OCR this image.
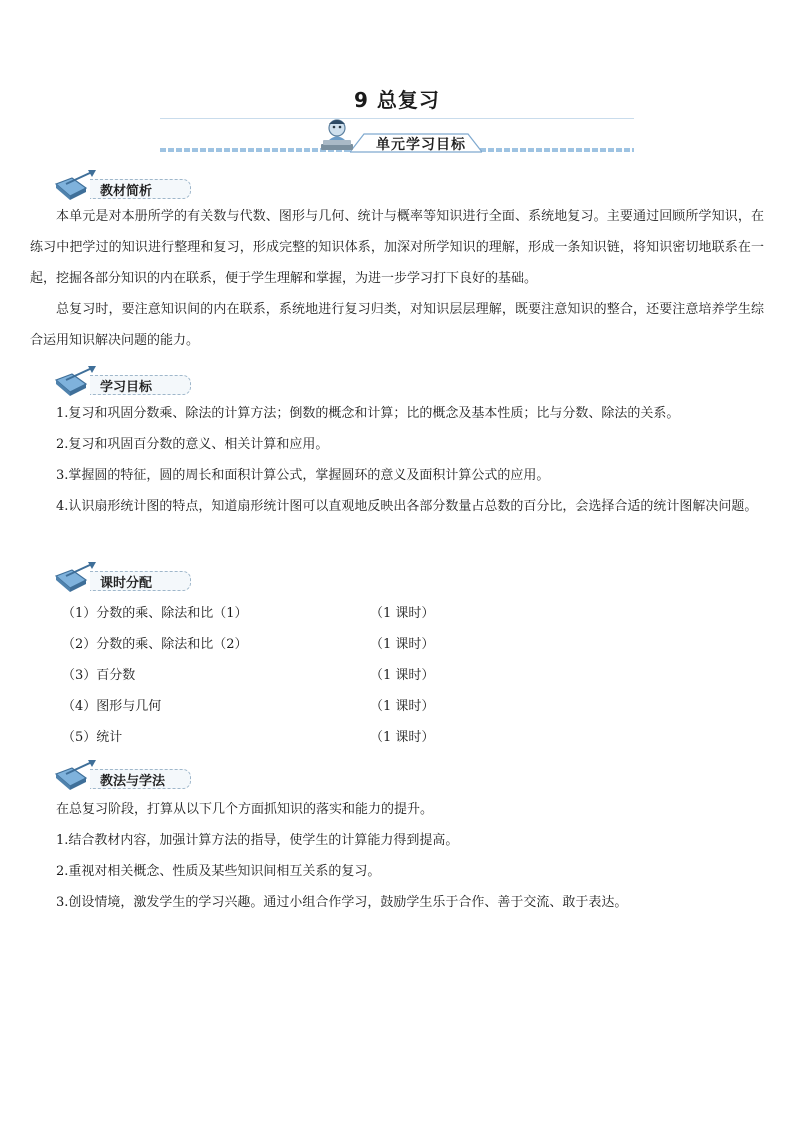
9 总复习
单元学习目标
教材简析

本单元是对本册所学的有关数与代数、图形与几何、统计与概率等知识进行全面、系统地复习。主要通过回顾所学知识，在练习中把学过的知识进行整理和复习，形成完整的知识体系，加深对所学知识的理解，形成一条知识链，将知识密切地联系在一起，挖掘各部分知识的内在联系，便于学生理解和掌握，为进一步学习打下良好的基础。

总复习时，要注意知识间的内在联系，系统地进行复习归类，对知识层层理解，既要注意知识的整合，还要注意培养学生综合运用知识解决问题的能力。

学习目标

1.复习和巩固分数乘、除法的计算方法；倒数的概念和计算；比的概念及基本性质；比与分数、除法的关系。

2.复习和巩固百分数的意义、相关计算和应用。

3.掌握圆的特征，圆的周长和面积计算公式，掌握圆环的意义及面积计算公式的应用。

4.认识扇形统计图的特点，知道扇形统计图可以直观地反映出各部分数量占总数的百分比，会选择合适的统计图解决问题。

课时分配
（1）分数的乘、除法和比（1）	（1 课时）
（2）分数的乘、除法和比（2）	（1 课时）
（3）百分数	（1 课时）
（4）图形与几何	（1 课时）
（5）统计	（1 课时）
教法与学法

在总复习阶段，打算从以下几个方面抓知识的落实和能力的提升。

1.结合教材内容，加强计算方法的指导，使学生的计算能力得到提高。

2.重视对相关概念、性质及某些知识间相互关系的复习。

3.创设情境，激发学生的学习兴趣。通过小组合作学习，鼓励学生乐于合作、善于交流、敢于表达。
